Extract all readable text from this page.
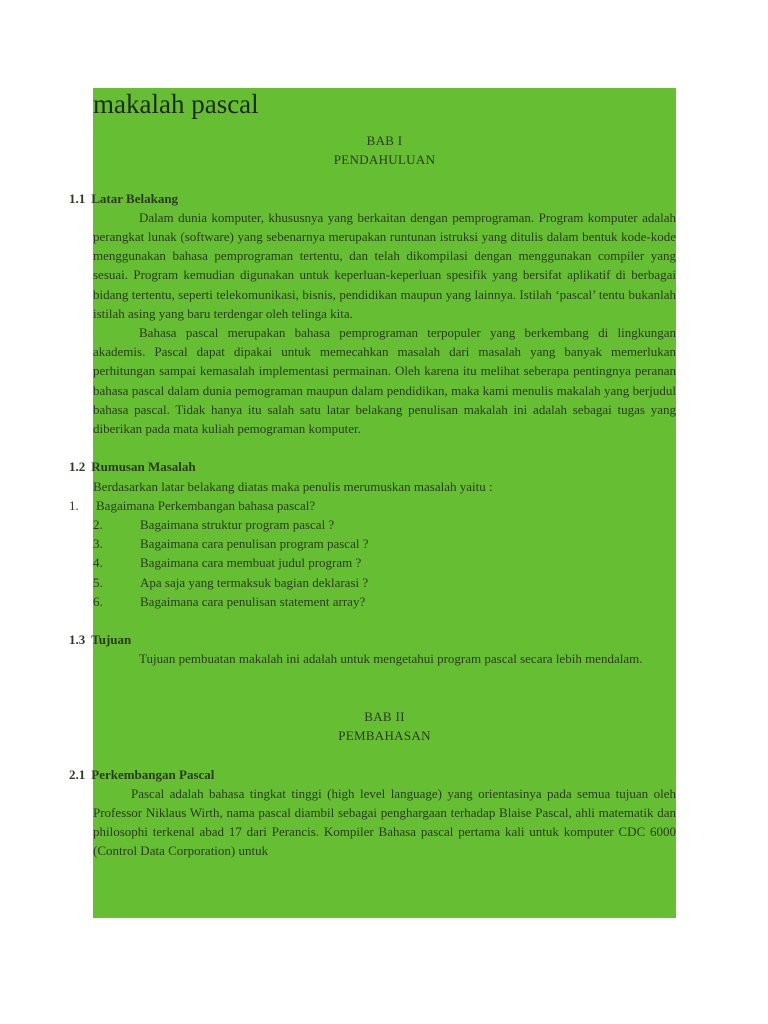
makalah pascal

BAB I

PENDAHULUAN

1.1 Latar Belakang

Dalam dunia komputer, khususnya yang berkaitan dengan pemprograman. Program komputer adalah perangkat lunak (software) yang sebenarnya merupakan runtunan istruksi yang ditulis dalam bentuk kode-kode menggunakan bahasa pemprograman tertentu, dan telah dikompilasi dengan menggunakan compiler yang sesuai. Program kemudian digunakan untuk keperluan-keperluan spesifik yang bersifat aplikatif di berbagai bidang tertentu, seperti telekomunikasi, bisnis, pendidikan maupun yang lainnya. Istilah ‘pascal’ tentu bukanlah istilah asing yang baru terdengar oleh telinga kita.

Bahasa pascal merupakan bahasa pemprograman terpopuler yang berkembang di lingkungan akademis. Pascal dapat dipakai untuk memecahkan masalah dari masalah yang banyak memerlukan perhitungan sampai kemasalah implementasi permainan. Oleh karena itu melihat seberapa pentingnya peranan bahasa pascal dalam dunia pemograman maupun dalam pendidikan, maka kami menulis makalah yang berjudul bahasa pascal. Tidak hanya itu salah satu latar belakang penulisan makalah ini adalah sebagai tugas yang diberikan pada mata kuliah pemograman komputer.

1.2 Rumusan Masalah

Berdasarkan latar belakang diatas maka penulis merumuskan masalah yaitu :

1.	Bagaimana Perkembangan bahasa pascal?
2.	Bagaimana struktur program pascal ?
3.	Bagaimana cara penulisan program pascal ?
4.	Bagaimana cara membuat judul program ?
5.	Apa saja yang termaksuk bagian deklarasi ?
6.	Bagaimana cara penulisan statement array?

1.3 Tujuan

Tujuan pembuatan makalah ini adalah untuk mengetahui program pascal secara lebih mendalam.

BAB II

PEMBAHASAN

2.1 Perkembangan Pascal

Pascal adalah bahasa tingkat tinggi (high level language) yang orientasinya pada semua tujuan oleh Professor Niklaus Wirth, nama pascal diambil sebagai penghargaan terhadap Blaise Pascal, ahli matematik dan philosophi terkenal abad 17 dari Perancis. Kompiler Bahasa pascal pertama kali untuk komputer CDC 6000 (Control Data Corporation) untuk
